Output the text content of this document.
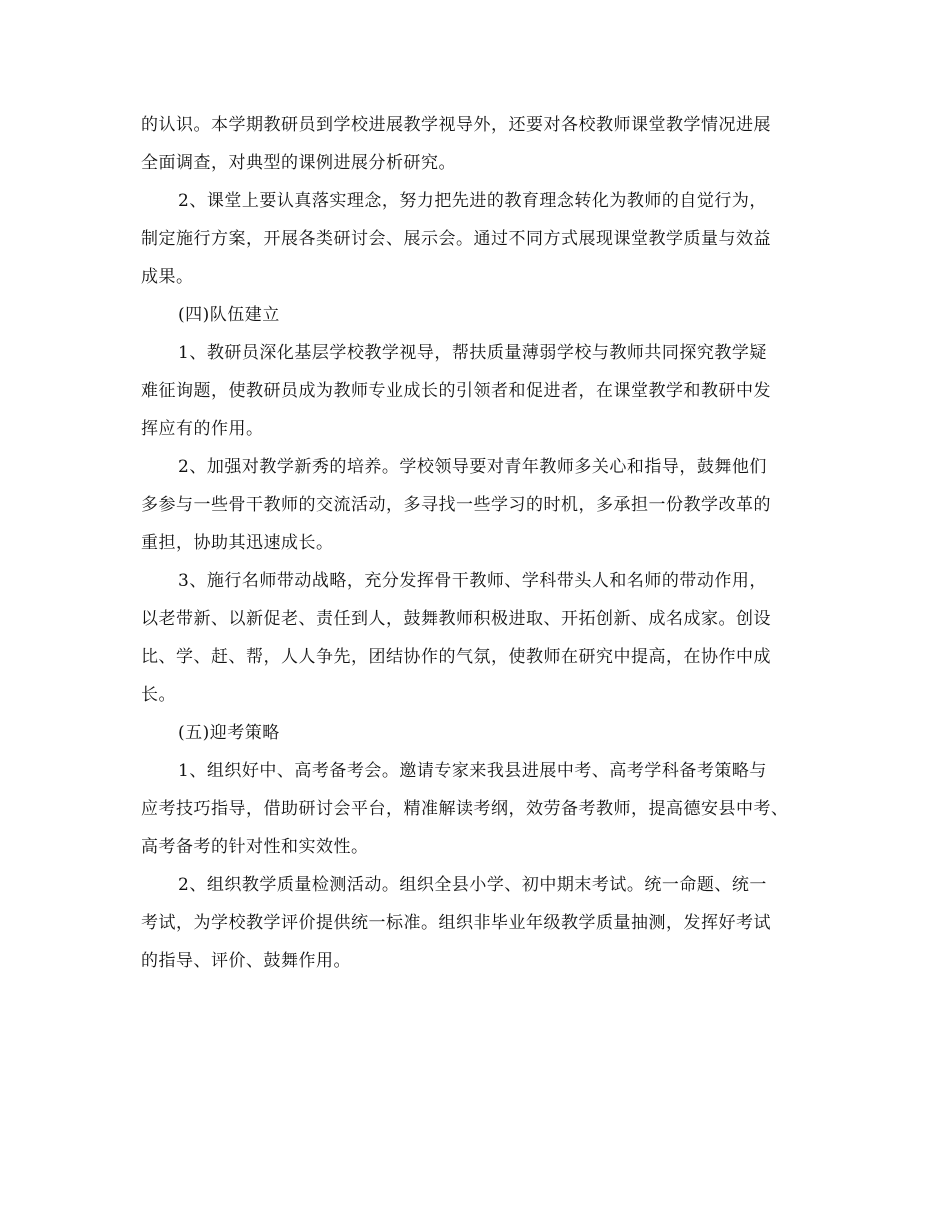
的认识。本学期教研员到学校进展教学视导外，还要对各校教师课堂教学情况进展
全面调查，对典型的课例进展分析研究。
2、课堂上要认真落实理念，努力把先进的教育理念转化为教师的自觉行为，
制定施行方案，开展各类研讨会、展示会。通过不同方式展现课堂教学质量与效益
成果。
(四)队伍建立
1、教研员深化基层学校教学视导，帮扶质量薄弱学校与教师共同探究教学疑
难征询题，使教研员成为教师专业成长的引领者和促进者，在课堂教学和教研中发
挥应有的作用。
2、加强对教学新秀的培养。学校领导要对青年教师多关心和指导，鼓舞他们
多参与一些骨干教师的交流活动，多寻找一些学习的时机，多承担一份教学改革的
重担，协助其迅速成长。
3、施行名师带动战略，充分发挥骨干教师、学科带头人和名师的带动作用，
以老带新、以新促老、责任到人，鼓舞教师积极进取、开拓创新、成名成家。创设
比、学、赶、帮，人人争先，团结协作的气氛，使教师在研究中提高，在协作中成
长。
(五)迎考策略
1、组织好中、高考备考会。邀请专家来我县进展中考、高考学科备考策略与
应考技巧指导，借助研讨会平台，精准解读考纲，效劳备考教师，提高德安县中考、
高考备考的针对性和实效性。
2、组织教学质量检测活动。组织全县小学、初中期末考试。统一命题、统一
考试，为学校教学评价提供统一标准。组织非毕业年级教学质量抽测，发挥好考试
的指导、评价、鼓舞作用。
